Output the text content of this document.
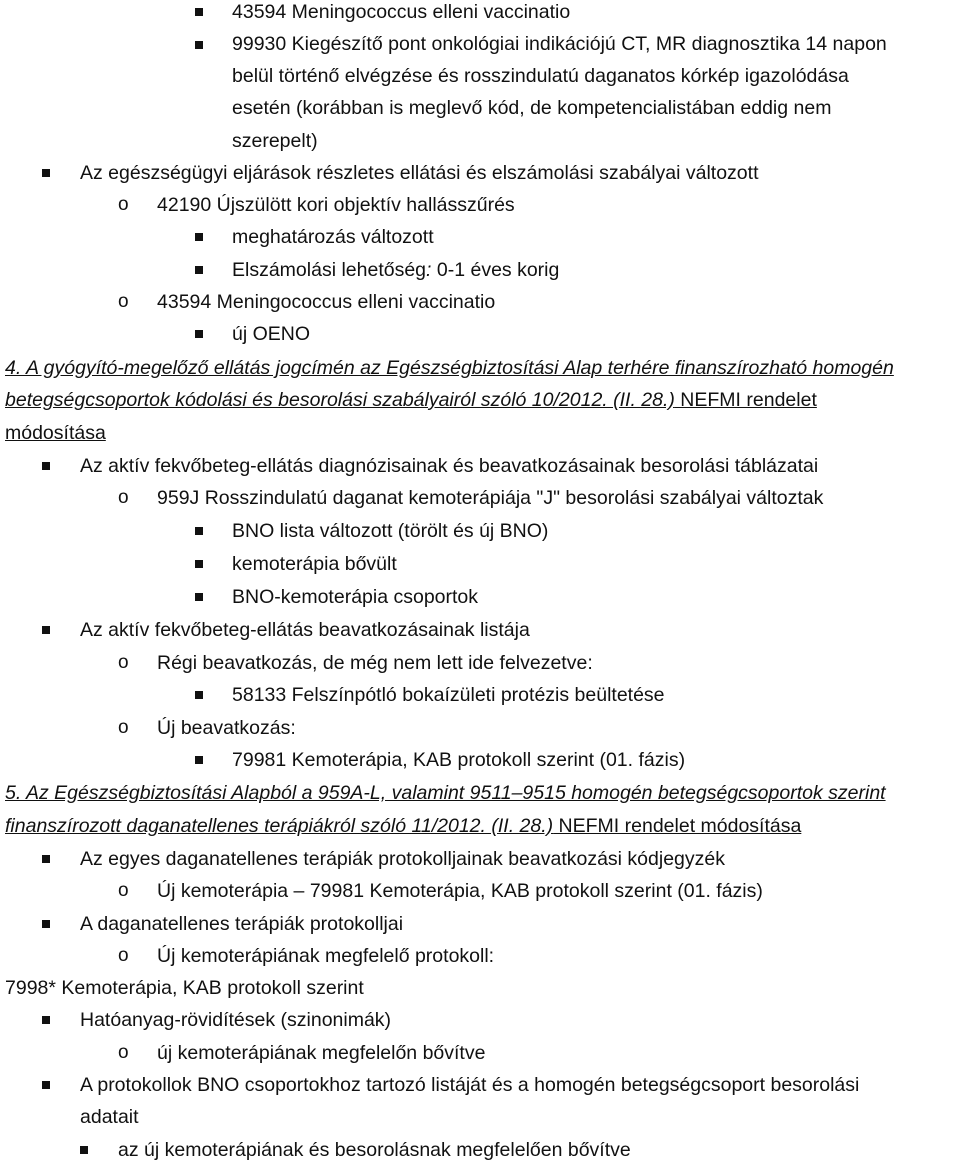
43594 Meningococcus elleni vaccinatio
99930 Kiegészítő pont onkológiai indikációjú CT, MR diagnosztika 14 napon
belül történő elvégzése és rosszindulatú daganatos kórkép igazolódása
esetén (korábban is meglevő kód, de kompetencialistában eddig nem
szerepelt)
Az egészségügyi eljárások részletes ellátási és elszámolási szabályai változott
o 42190 Újszülött kori objektív hallásszűrés
meghatározás változott
Elszámolási lehetőség: 0-1 éves korig
o 43594 Meningococcus elleni vaccinatio
új OENO
4. A gyógyító-megelőző ellátás jogcímén az Egészségbiztosítási Alap terhére finanszírozható homogén
betegségcsoportok kódolási és besorolási szabályairól szóló 10/2012. (II. 28.) NEFMI rendelet
módosítása
Az aktív fekvőbeteg-ellátás diagnózisainak és beavatkozásainak besorolási táblázatai
o 959J Rosszindulatú daganat kemoterápiája "J" besorolási szabályai változtak
BNO lista változott (törölt és új BNO)
kemoterápia bővült
BNO-kemoterápia csoportok
Az aktív fekvőbeteg-ellátás beavatkozásainak listája
o Régi beavatkozás, de még nem lett ide felvezetve:
58133 Felszínpótló bokaízületi protézis beültetése
o Új beavatkozás:
79981 Kemoterápia, KAB protokoll szerint (01. fázis)
5. Az Egészségbiztosítási Alapból a 959A-L, valamint 9511–9515 homogén betegségcsoportok szerint
finanszírozott daganatellenes terápiákról szóló 11/2012. (II. 28.) NEFMI rendelet módosítása
Az egyes daganatellenes terápiák protokolljainak beavatkozási kódjegyzék
o Új kemoterápia – 79981 Kemoterápia, KAB protokoll szerint (01. fázis)
A daganatellenes terápiák protokolljai
o Új kemoterápiának megfelelő protokoll:
7998* Kemoterápia, KAB protokoll szerint
Hatóanyag-rövidítések (szinonimák)
o új kemoterápiának megfelelőn bővítve
A protokollok BNO csoportokhoz tartozó listáját és a homogén betegségcsoport besorolási
adatait
az új kemoterápiának és besorolásnak megfelelően bővítve
